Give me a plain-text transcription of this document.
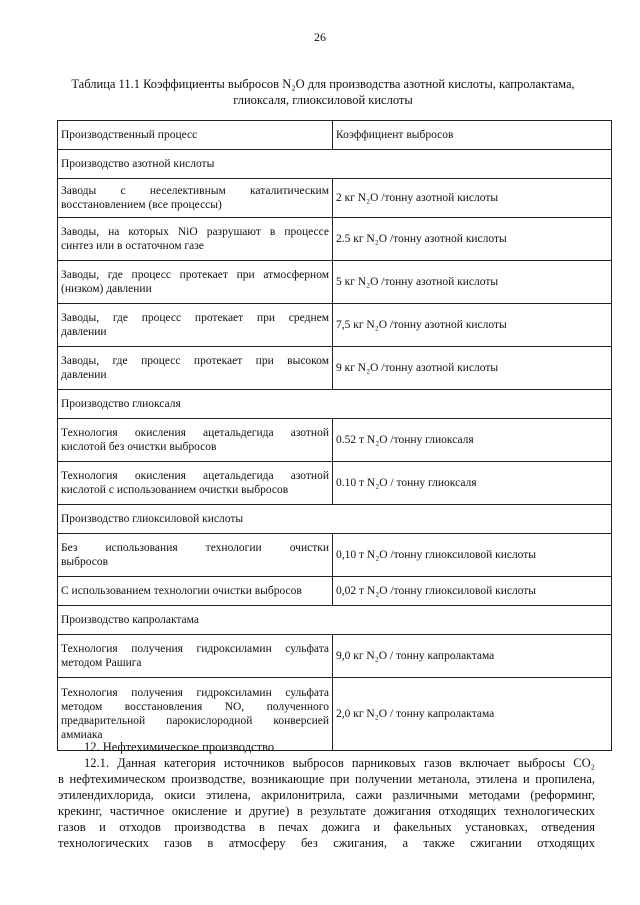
26
Таблица 11.1 Коэффициенты выбросов N₂O для производства азотной кислоты, капролактама,
глиоксаля, глиоксиловой кислоты
Производственный процесс	Коэффициент выбросов
Производство азотной кислоты	

Заводы с неселективным каталитическим
восстановлением (все процессы)	2 кг N₂O /тонну азотной кислоты

Заводы, на которых NiO разрушают в процессе
синтез или в остаточном газе	2.5 кг N₂O /тонну азотной кислоты

Заводы, где процесс протекает при атмосферном
(низком) давлении	5 кг N₂O /тонну азотной кислоты

Заводы, где процесс протекает при среднем
давлении	7,5 кг N₂O /тонну азотной кислоты

Заводы, где процесс протекает при высоком
давлении	9 кг N₂O /тонну азотной кислоты
Производство глиоксаля	

Технология окисления ацетальдегида азотной
кислотой без очистки выбросов	0.52 т N₂O /тонну глиоксаля

Технология окисления ацетальдегида азотной
кислотой с использованием очистки выбросов	0.10 т N₂O / тонну глиоксаля
Производство глиоксиловой кислоты	

Без использования технологии очистки
выбросов	0,10 т N₂O /тонну глиоксиловой кислоты

С использованием технологии очистки выбросов	0,02 т N₂O /тонну глиоксиловой кислоты
Производство капролактама	

Технология получения гидроксиламин сульфата
методом Рашига	9,0 кг N₂O / тонну капролактама

Технология получения гидроксиламин сульфата
методом восстановления NO, полученного
предварительной парокислородной конверсией
аммиака	2,0 кг N₂O / тонну капролактама
12. Нефтехимическое производство
12.1. Данная категория источников выбросов парниковых газов включает выбросы CO₂
в нефтехимическом производстве, возникающие при получении метанола, этилена и пропилена,
этилендихлорида, окиси этилена, акрилонитрила, сажи различными методами (реформинг,
крекинг, частичное окисление и другие) в результате дожигания отходящих технологических
газов и отходов производства в печах дожига и факельных установках, отведения
технологических газов в атмосферу без сжигания, а также сжигании отходящих
